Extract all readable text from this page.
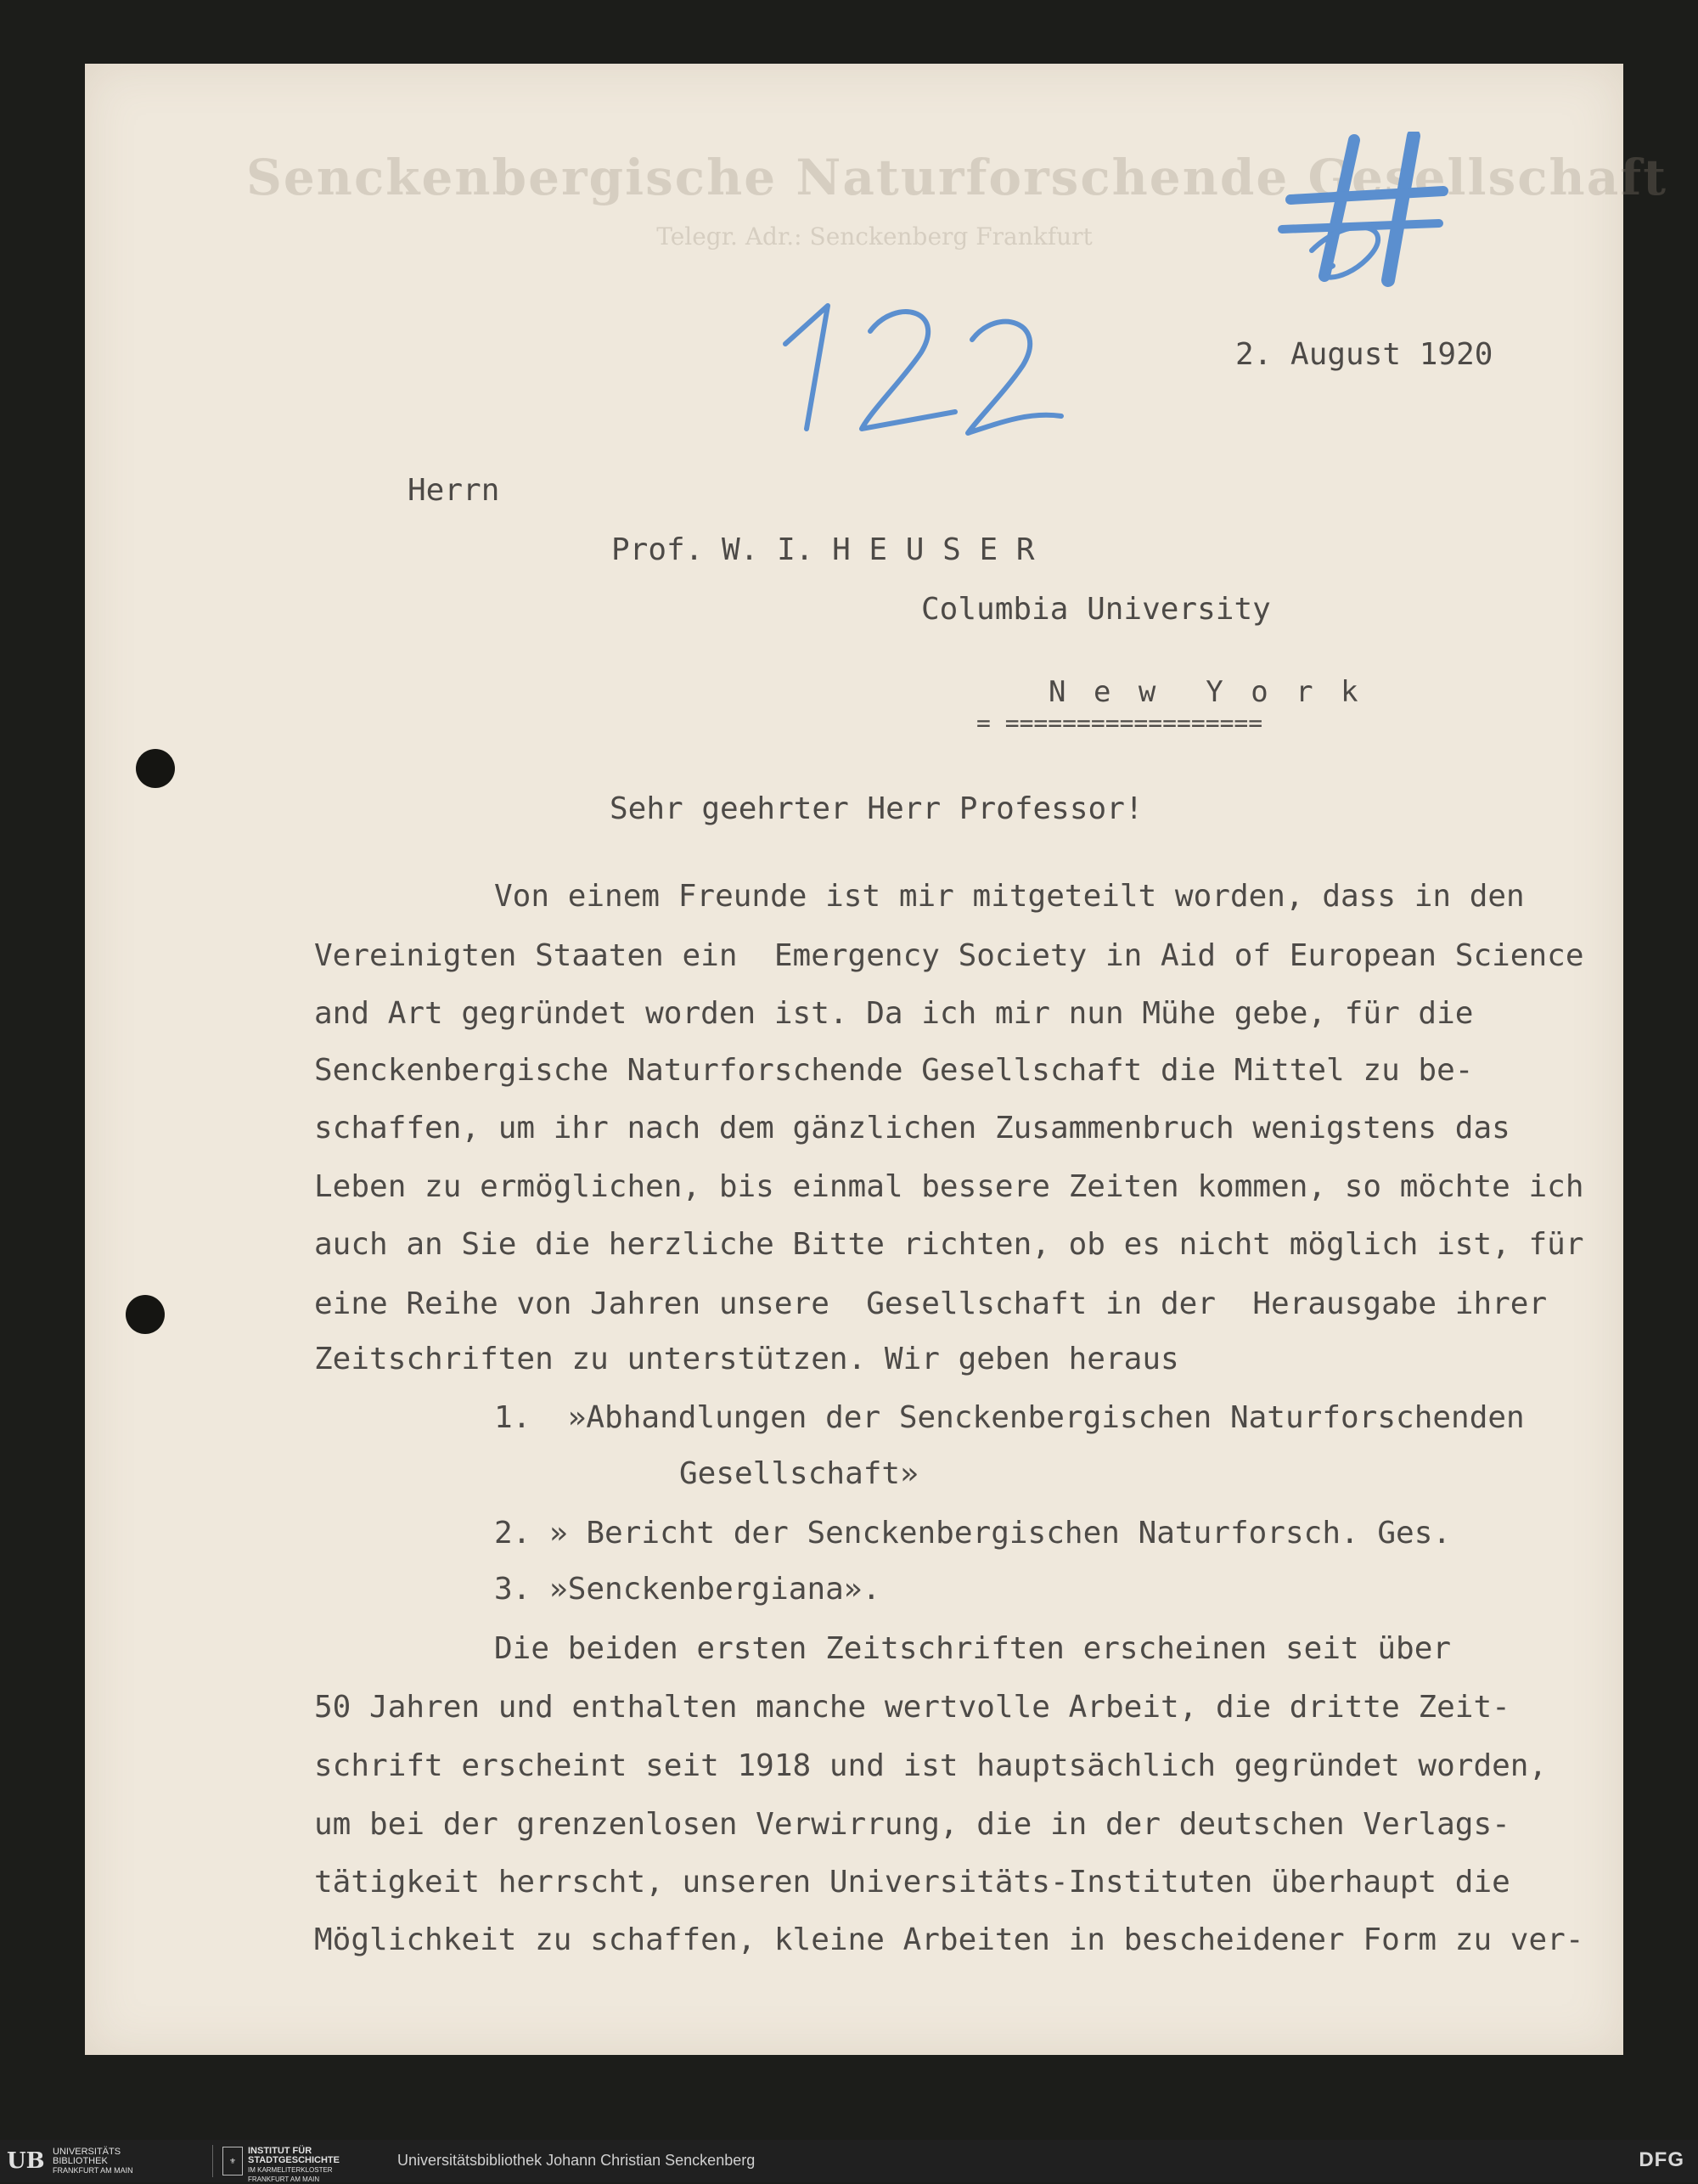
Senckenbergische Naturforschende Gesellschaft
Telegr. Adr.: Senckenberg Frankfurt
2. August 1920
Herrn
Prof. W. I. H E U S E R
Columbia University
N e w  Y o r k
= ==================
Sehr geehrter Herr Professor!
Von einem Freunde ist mir mitgeteilt worden, dass in den
Vereinigten Staaten ein  Emergency Society in Aid of European Science
and Art gegründet worden ist. Da ich mir nun Mühe gebe, für die
Senckenbergische Naturforschende Gesellschaft die Mittel zu be-
schaffen, um ihr nach dem gänzlichen Zusammenbruch wenigstens das
Leben zu ermöglichen, bis einmal bessere Zeiten kommen, so möchte ich
auch an Sie die herzliche Bitte richten, ob es nicht möglich ist, für
eine Reihe von Jahren unsere  Gesellschaft in der  Herausgabe ihrer
Zeitschriften zu unterstützen. Wir geben heraus
1.  »Abhandlungen der Senckenbergischen Naturforschenden
Gesellschaft»
2. » Bericht der Senckenbergischen Naturforsch. Ges.
3. »Senckenbergiana».
Die beiden ersten Zeitschriften erscheinen seit über
50 Jahren und enthalten manche wertvolle Arbeit, die dritte Zeit-
schrift erscheint seit 1918 und ist hauptsächlich gegründet worden,
um bei der grenzenlosen Verwirrung, die in der deutschen Verlags-
tätigkeit herrscht, unseren Universitäts-Instituten überhaupt die
Möglichkeit zu schaffen, kleine Arbeiten in bescheidener Form zu ver-
UB UNIVERSITÄTS
BIBLIOTHEK
FRANKFURT AM MAIN
⚜
INSTITUT FÜR
STADTGESCHICHTE
IM KARMELITERKLOSTER
FRANKFURT AM MAIN
Universitätsbibliothek Johann Christian Senckenberg	DFG
